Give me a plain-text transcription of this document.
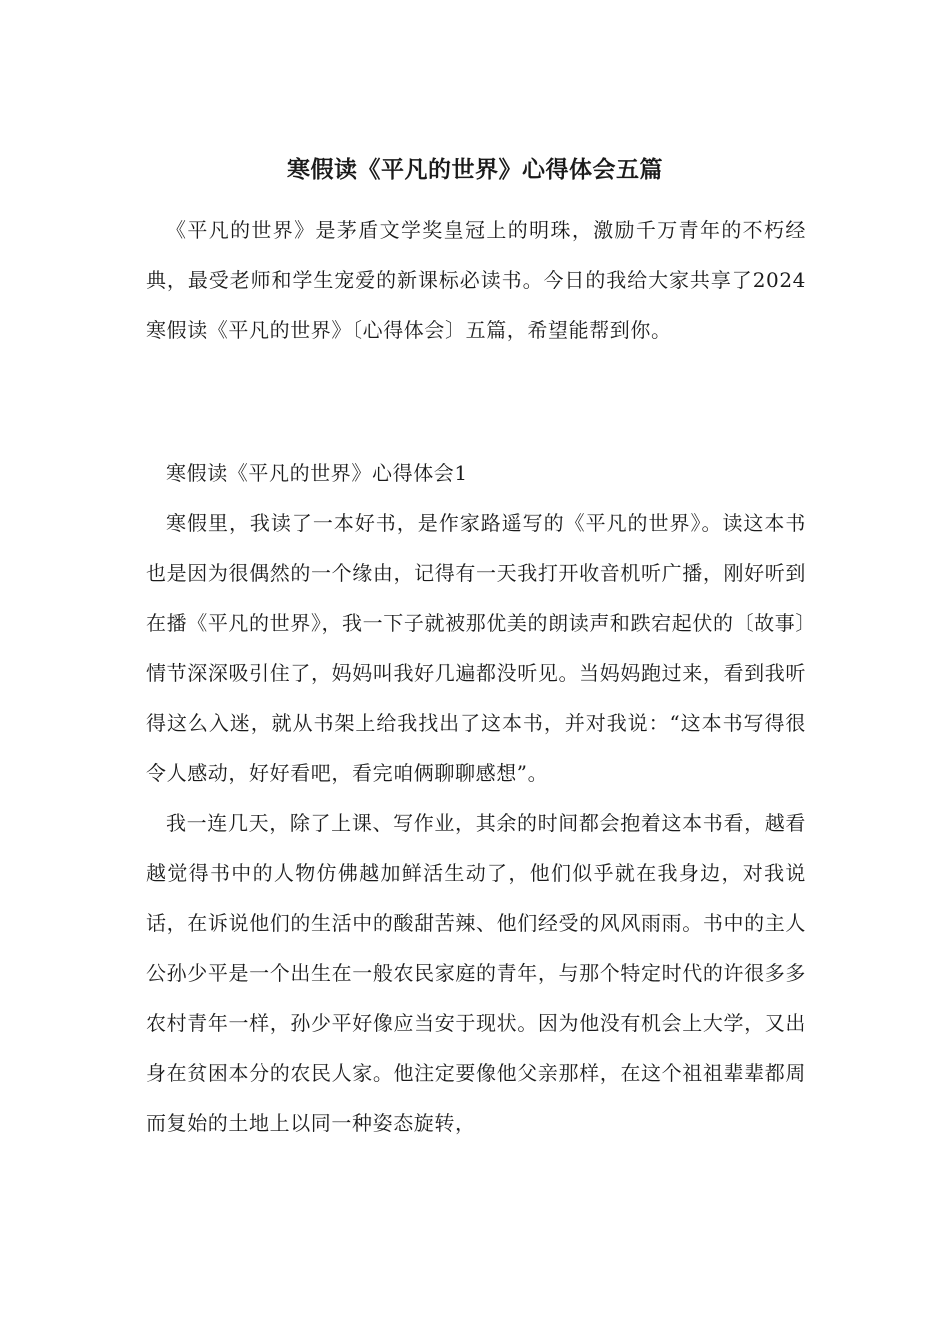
寒假读《平凡的世界》心得体会五篇

《平凡的世界》是茅盾文学奖皇冠上的明珠，激励千万青年的不朽经典，最受老师和学生宠爱的新课标必读书。今日的我给大家共享了2024寒假读《平凡的世界》〔心得体会〕五篇，希望能帮到你。

寒假读《平凡的世界》心得体会1

寒假里，我读了一本好书，是作家路遥写的《平凡的世界》。读这本书也是因为很偶然的一个缘由，记得有一天我打开收音机听广播，刚好听到在播《平凡的世界》，我一下子就被那优美的朗读声和跌宕起伏的〔故事〕情节深深吸引住了，妈妈叫我好几遍都没听见。当妈妈跑过来，看到我听得这么入迷，就从书架上给我找出了这本书，并对我说：“这本书写得很令人感动，好好看吧，看完咱俩聊聊感想”。

我一连几天，除了上课、写作业，其余的时间都会抱着这本书看，越看越觉得书中的人物仿佛越加鲜活生动了，他们似乎就在我身边，对我说话，在诉说他们的生活中的酸甜苦辣、他们经受的风风雨雨。书中的主人公孙少平是一个出生在一般农民家庭的青年，与那个特定时代的许很多多农村青年一样，孙少平好像应当安于现状。因为他没有机会上大学，又出身在贫困本分的农民人家。他注定要像他父亲那样，在这个祖祖辈辈都周而复始的土地上以同一种姿态旋转，
